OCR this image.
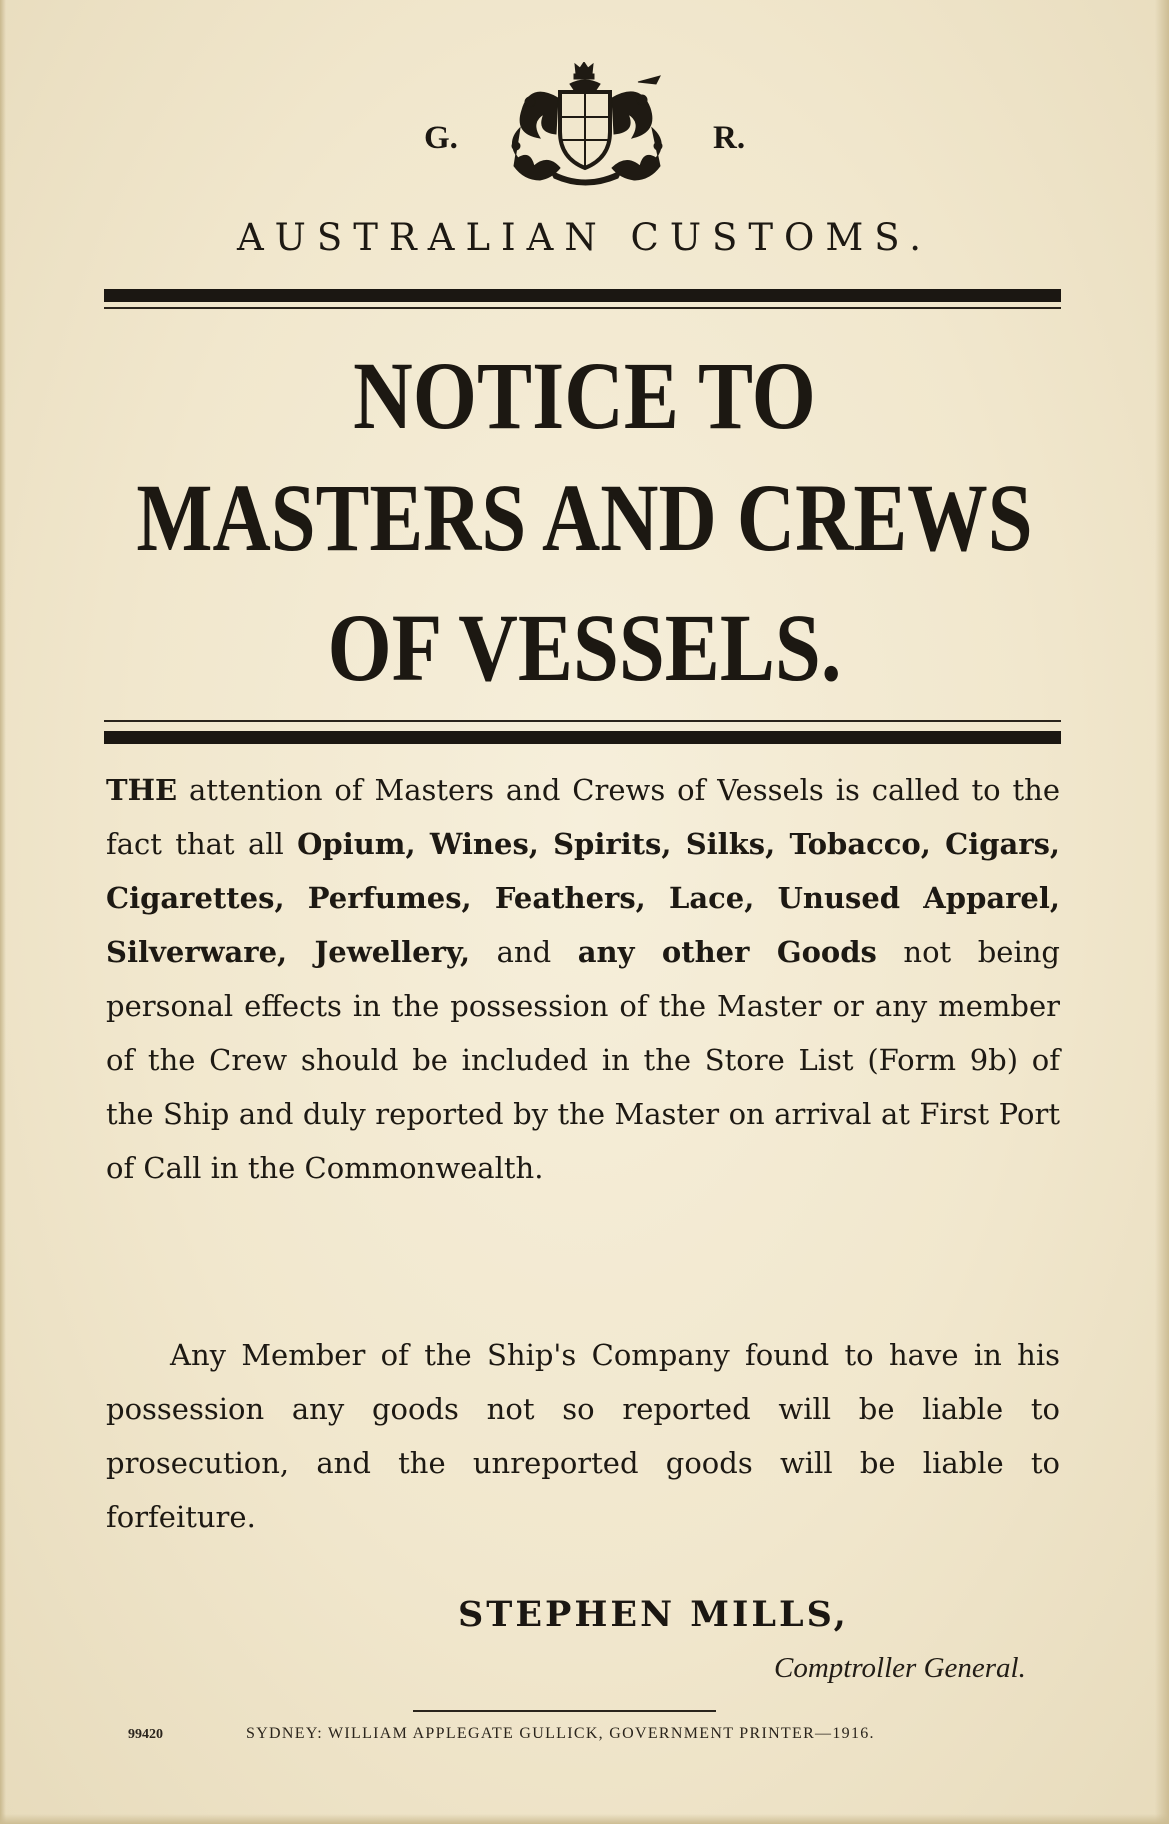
G.	R.
AUSTRALIAN CUSTOMS.
NOTICE TO
MASTERS AND CREWS
OF VESSELS.

THE attention of Masters and Crews of Vessels is called to the fact that all Opium, Wines, Spirits, Silks, Tobacco, Cigars, Cigarettes, Perfumes, Feathers, Lace, Unused Apparel, Silverware, Jewellery, and any other Goods not being personal effects in the possession of the Master or any member of the Crew should be included in the Store List (Form 9b) of the Ship and duly reported by the Master on arrival at First Port of Call in the Commonwealth.

Any Member of the Ship's Company found to have in his possession any goods not so reported will be liable to prosecution, and the unreported goods will be liable to forfeiture.

STEPHEN MILLS,

Comptroller General.

99420	SYDNEY: WILLIAM APPLEGATE GULLICK, GOVERNMENT PRINTER—1916.
